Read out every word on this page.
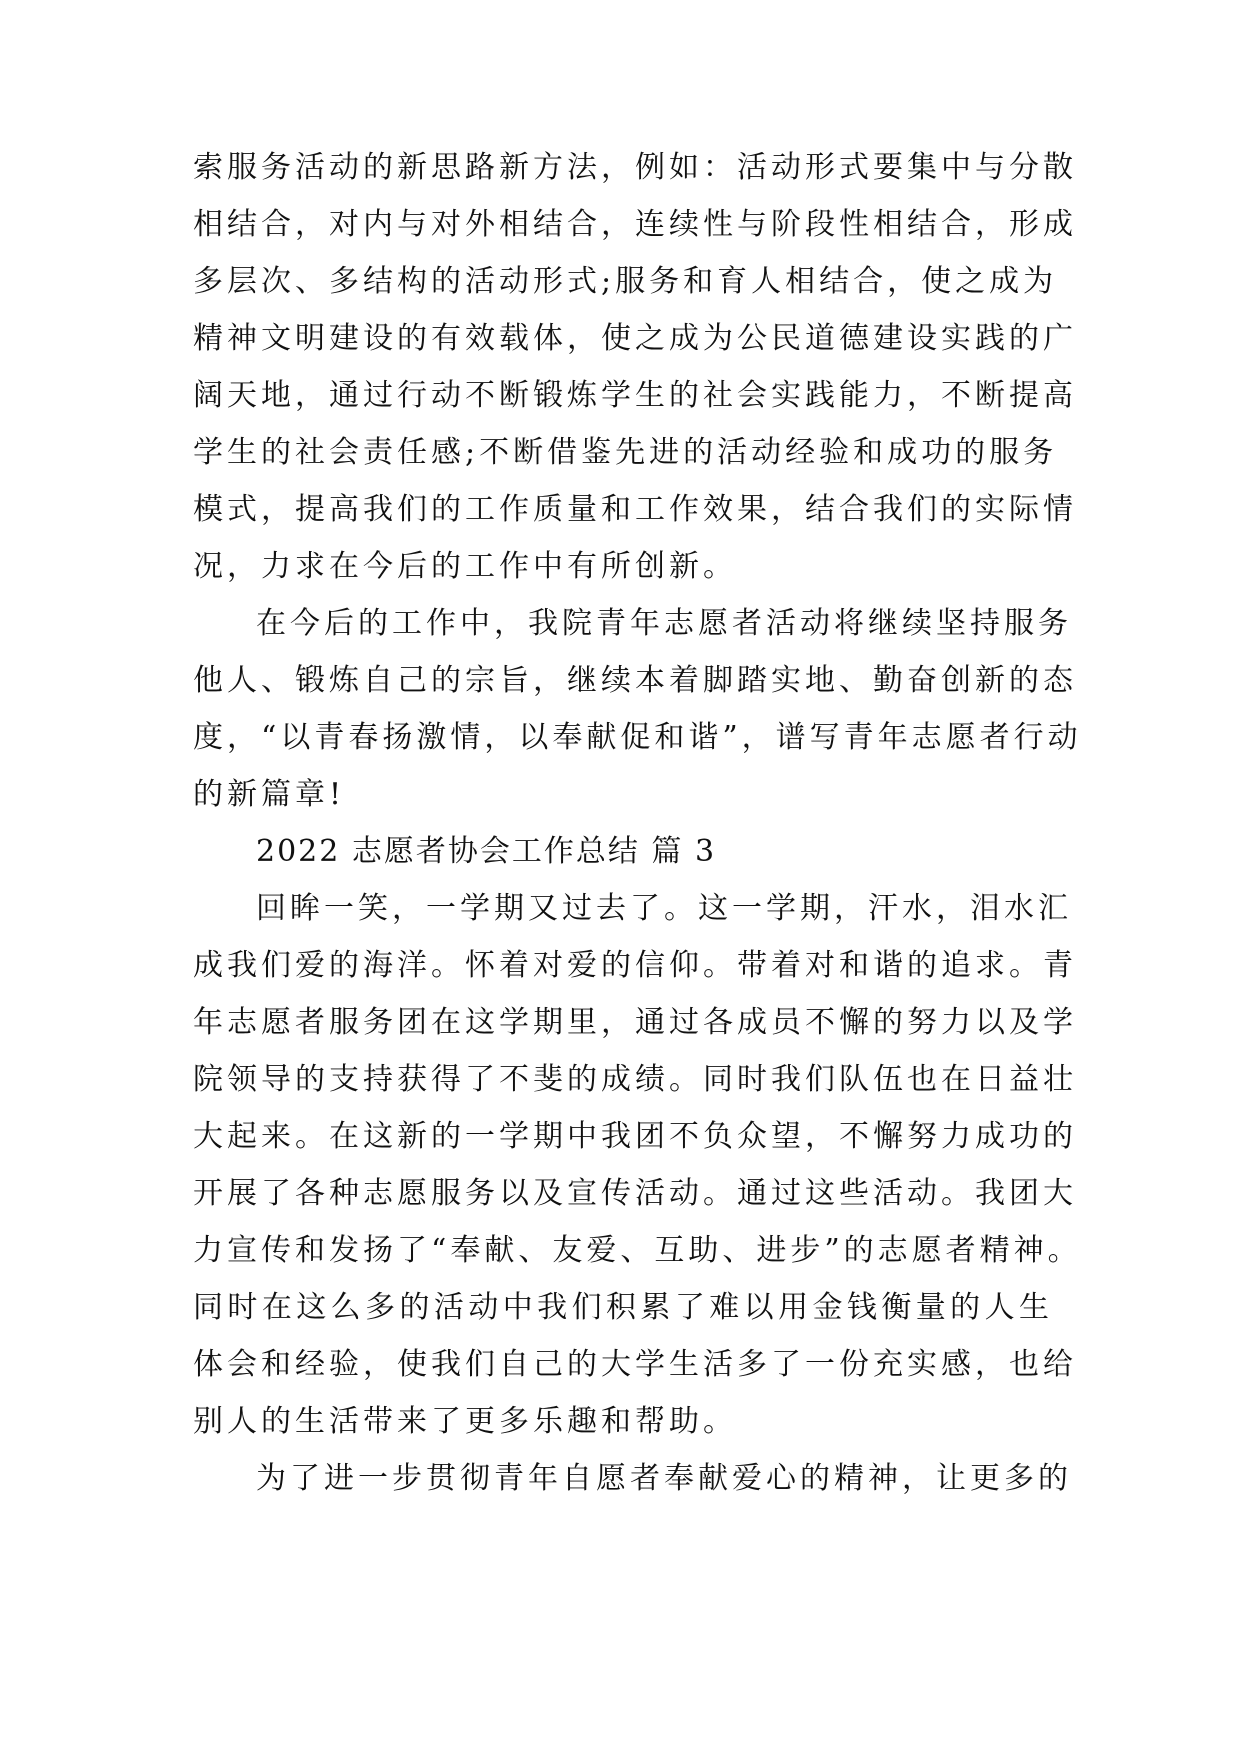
索服务活动的新思路新方法，例如：活动形式要集中与分散
相结合，对内与对外相结合，连续性与阶段性相结合，形成
多层次、多结构的活动形式;服务和育人相结合，使之成为
精神文明建设的有效载体，使之成为公民道德建设实践的广
阔天地，通过行动不断锻炼学生的社会实践能力，不断提高
学生的社会责任感;不断借鉴先进的活动经验和成功的服务
模式，提高我们的工作质量和工作效果，结合我们的实际情
况，力求在今后的工作中有所创新。
在今后的工作中，我院青年志愿者活动将继续坚持服务
他人、锻炼自己的宗旨，继续本着脚踏实地、勤奋创新的态
度，“以青春扬激情，以奉献促和谐”，谱写青年志愿者行动
的新篇章!
2022 志愿者协会工作总结 篇 3
回眸一笑，一学期又过去了。这一学期，汗水，泪水汇
成我们爱的海洋。怀着对爱的信仰。带着对和谐的追求。青
年志愿者服务团在这学期里，通过各成员不懈的努力以及学
院领导的支持获得了不斐的成绩。同时我们队伍也在日益壮
大起来。在这新的一学期中我团不负众望，不懈努力成功的
开展了各种志愿服务以及宣传活动。通过这些活动。我团大
力宣传和发扬了“奉献、友爱、互助、进步”的志愿者精神。
同时在这么多的活动中我们积累了难以用金钱衡量的人生
体会和经验，使我们自己的大学生活多了一份充实感，也给
别人的生活带来了更多乐趣和帮助。
为了进一步贯彻青年自愿者奉献爱心的精神，让更多的
